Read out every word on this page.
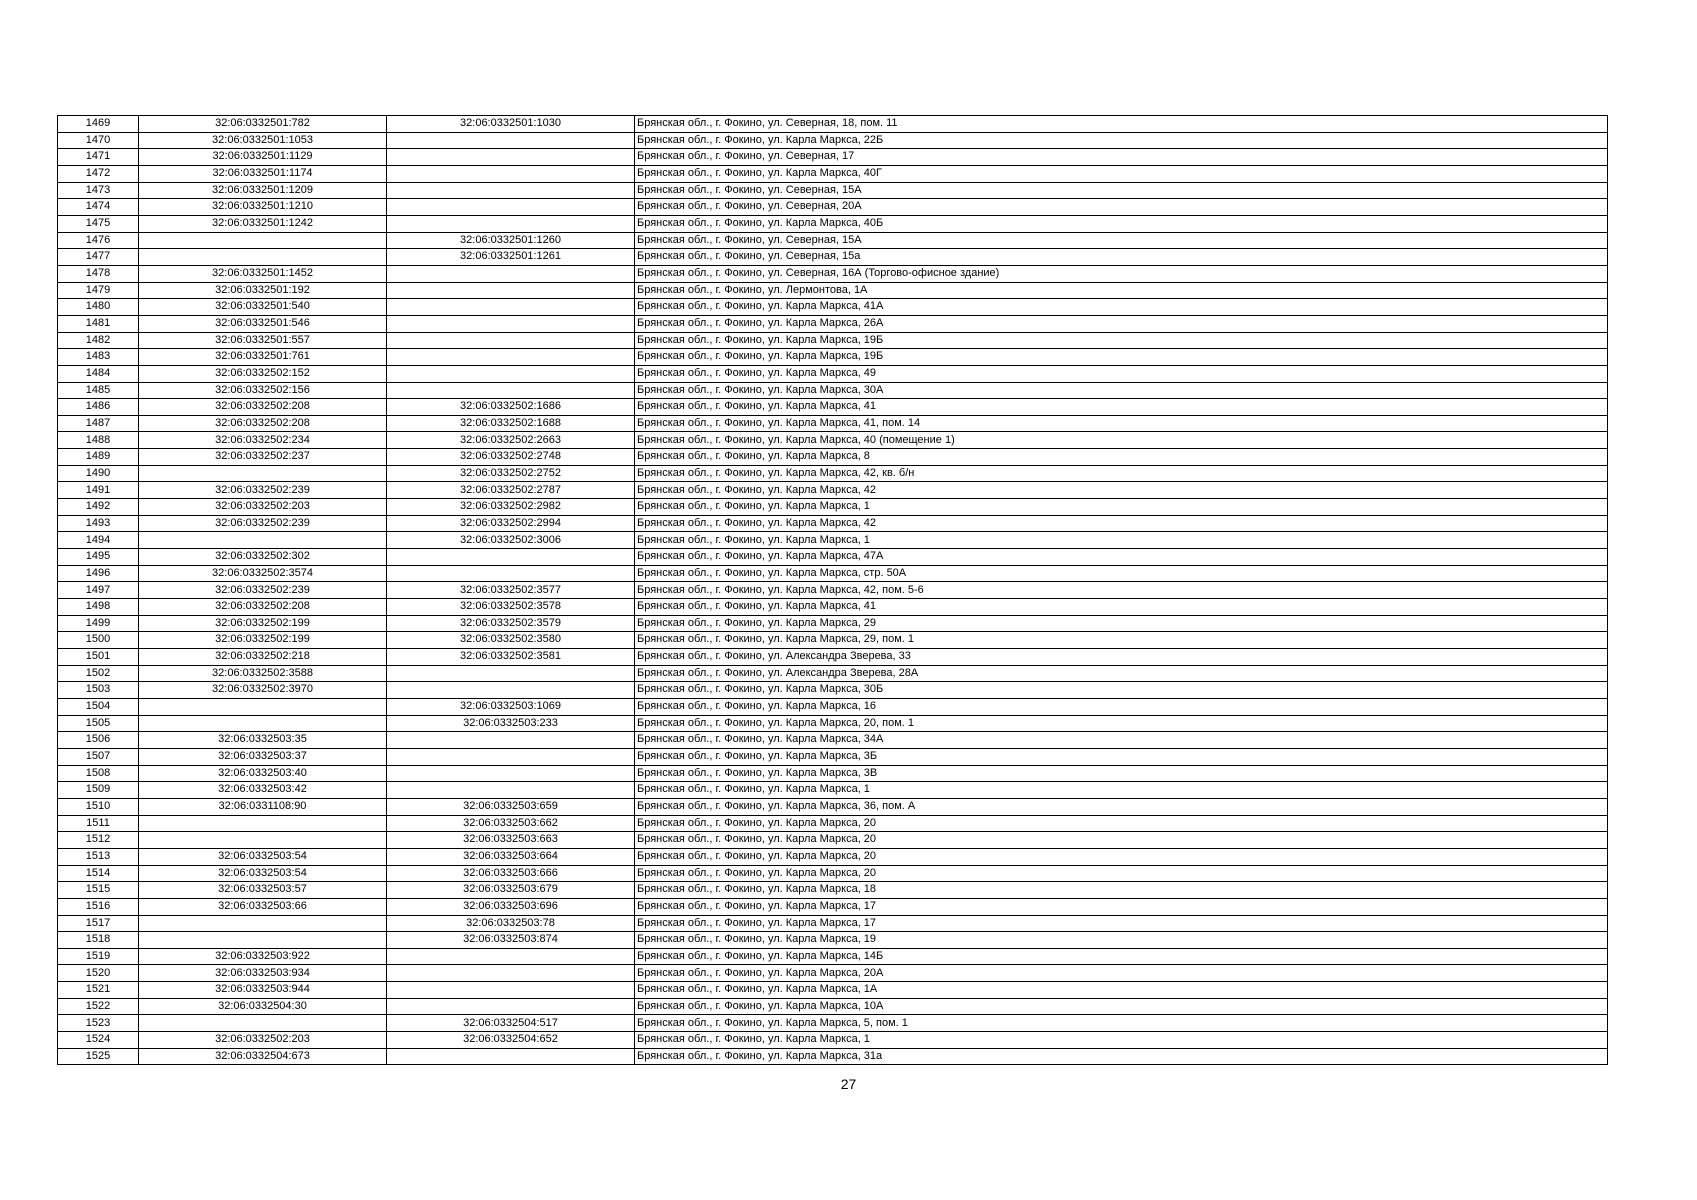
1469	32:06:0332501:782	32:06:0332501:1030	Брянская обл., г. Фокино, ул. Северная, 18, пом. 11
1470	32:06:0332501:1053		Брянская обл., г. Фокино, ул. Карла Маркса, 22Б
1471	32:06:0332501:1129		Брянская обл., г. Фокино, ул. Северная, 17
1472	32:06:0332501:1174		Брянская обл., г. Фокино, ул. Карла Маркса, 40Г
1473	32:06:0332501:1209		Брянская обл., г. Фокино, ул. Северная, 15А
1474	32:06:0332501:1210		Брянская обл., г. Фокино, ул. Северная, 20А
1475	32:06:0332501:1242		Брянская обл., г. Фокино, ул. Карла Маркса, 40Б
1476		32:06:0332501:1260	Брянская обл., г. Фокино, ул. Северная, 15А
1477		32:06:0332501:1261	Брянская обл., г. Фокино, ул. Северная, 15а
1478	32:06:0332501:1452		Брянская обл., г. Фокино, ул. Северная, 16А (Торгово-офисное здание)
1479	32:06:0332501:192		Брянская обл., г. Фокино, ул. Лермонтова, 1А
1480	32:06:0332501:540		Брянская обл., г. Фокино, ул. Карла Маркса, 41А
1481	32:06:0332501:546		Брянская обл., г. Фокино, ул. Карла Маркса, 26А
1482	32:06:0332501:557		Брянская обл., г. Фокино, ул. Карла Маркса, 19Б
1483	32:06:0332501:761		Брянская обл., г. Фокино, ул. Карла Маркса, 19Б
1484	32:06:0332502:152		Брянская обл., г. Фокино, ул. Карла Маркса, 49
1485	32:06:0332502:156		Брянская обл., г. Фокино, ул. Карла Маркса, 30А
1486	32:06:0332502:208	32:06:0332502:1686	Брянская обл., г. Фокино, ул. Карла Маркса, 41
1487	32:06:0332502:208	32:06:0332502:1688	Брянская обл., г. Фокино, ул. Карла Маркса, 41, пом. 14
1488	32:06:0332502:234	32:06:0332502:2663	Брянская обл., г. Фокино, ул. Карла Маркса, 40 (помещение 1)
1489	32:06:0332502:237	32:06:0332502:2748	Брянская обл., г. Фокино, ул. Карла Маркса, 8
1490		32:06:0332502:2752	Брянская обл., г. Фокино, ул. Карла Маркса, 42, кв. б/н
1491	32:06:0332502:239	32:06:0332502:2787	Брянская обл., г. Фокино, ул. Карла Маркса, 42
1492	32:06:0332502:203	32:06:0332502:2982	Брянская обл., г. Фокино, ул. Карла Маркса, 1
1493	32:06:0332502:239	32:06:0332502:2994	Брянская обл., г. Фокино, ул. Карла Маркса, 42
1494		32:06:0332502:3006	Брянская обл., г. Фокино, ул. Карла Маркса, 1
1495	32:06:0332502:302		Брянская обл., г. Фокино, ул. Карла Маркса, 47А
1496	32:06:0332502:3574		Брянская обл., г. Фокино, ул. Карла Маркса, стр. 50А
1497	32:06:0332502:239	32:06:0332502:3577	Брянская обл., г. Фокино, ул. Карла Маркса, 42, пом. 5-6
1498	32:06:0332502:208	32:06:0332502:3578	Брянская обл., г. Фокино, ул. Карла Маркса, 41
1499	32:06:0332502:199	32:06:0332502:3579	Брянская обл., г. Фокино, ул. Карла Маркса, 29
1500	32:06:0332502:199	32:06:0332502:3580	Брянская обл., г. Фокино, ул. Карла Маркса, 29, пом. 1
1501	32:06:0332502:218	32:06:0332502:3581	Брянская обл., г. Фокино, ул. Александра Зверева, 33
1502	32:06:0332502:3588		Брянская обл., г. Фокино, ул. Александра Зверева, 28А
1503	32:06:0332502:3970		Брянская обл., г. Фокино, ул. Карла Маркса, 30Б
1504		32:06:0332503:1069	Брянская обл., г. Фокино, ул. Карла Маркса, 16
1505		32:06:0332503:233	Брянская обл., г. Фокино, ул. Карла Маркса, 20, пом. 1
1506	32:06:0332503:35		Брянская обл., г. Фокино, ул. Карла Маркса, 34А
1507	32:06:0332503:37		Брянская обл., г. Фокино, ул. Карла Маркса, 3Б
1508	32:06:0332503:40		Брянская обл., г. Фокино, ул. Карла Маркса, 3В
1509	32:06:0332503:42		Брянская обл., г. Фокино, ул. Карла Маркса, 1
1510	32:06:0331108:90	32:06:0332503:659	Брянская обл., г. Фокино, ул. Карла Маркса, 36, пом. А
1511		32:06:0332503:662	Брянская обл., г. Фокино, ул. Карла Маркса, 20
1512		32:06:0332503:663	Брянская обл., г. Фокино, ул. Карла Маркса, 20
1513	32:06:0332503:54	32:06:0332503:664	Брянская обл., г. Фокино, ул. Карла Маркса, 20
1514	32:06:0332503:54	32:06:0332503:666	Брянская обл., г. Фокино, ул. Карла Маркса, 20
1515	32:06:0332503:57	32:06:0332503:679	Брянская обл., г. Фокино, ул. Карла Маркса, 18
1516	32:06:0332503:66	32:06:0332503:696	Брянская обл., г. Фокино, ул. Карла Маркса, 17
1517		32:06:0332503:78	Брянская обл., г. Фокино, ул. Карла Маркса, 17
1518		32:06:0332503:874	Брянская обл., г. Фокино, ул. Карла Маркса, 19
1519	32:06:0332503:922		Брянская обл., г. Фокино, ул. Карла Маркса, 14Б
1520	32:06:0332503:934		Брянская обл., г. Фокино, ул. Карла Маркса, 20А
1521	32:06:0332503:944		Брянская обл., г. Фокино, ул. Карла Маркса, 1А
1522	32:06:0332504:30		Брянская обл., г. Фокино, ул. Карла Маркса, 10А
1523		32:06:0332504:517	Брянская обл., г. Фокино, ул. Карла Маркса, 5, пом. 1
1524	32:06:0332502:203	32:06:0332504:652	Брянская обл., г. Фокино, ул. Карла Маркса, 1
1525	32:06:0332504:673		Брянская обл., г. Фокино, ул. Карла Маркса, 31а
27
